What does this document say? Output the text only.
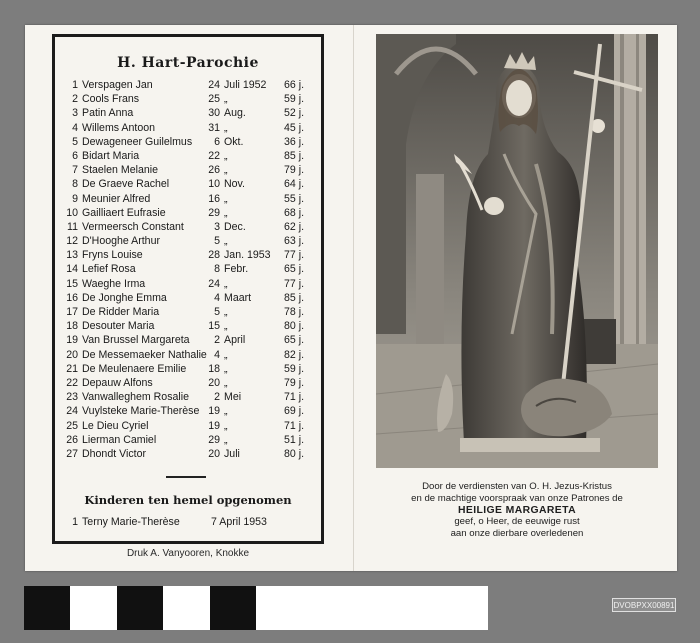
H. Hart-Parochie
1 Verspagen Jan	24 Juli 1952 66 j.
2 Cools Frans	25 „	59 j.
3 Patin Anna	30 Aug.	52 j.
4 Willems Antoon	31 „	45 j.
5 Dewageneer Guilelmus	6 Okt.	36 j.
6 Bidart Maria	22 „	85 j.
7 Staelen Melanie	26 „	79 j.
8 De Graeve Rachel	10 Nov.	64 j.
9 Meunier Alfred	16 „	55 j.
10 Gailliaert Eufrasie	29 „	68 j.
11 Vermeersch Constant	3 Dec.	62 j.
12 D'Hooghe Arthur	5 „	63 j.
13 Fryns Louise	28 Jan. 1953 77 j.
14 Lefief Rosa	8 Febr.	65 j.
15 Waeghe Irma	24 „	77 j.
16 De Jonghe Emma	4 Maart	85 j.
17 De Ridder Maria	5 „	78 j.
18 Desouter Maria	15 „	80 j.
19 Van Brussel Margareta	2 April	65 j.
20 De Messemaeker Nathalie 4 „	82 j.
21 De Meulenaere Emilie 18 „	59 j.
22 Depauw Alfons	20 „	79 j.
23 Vanwalleghem Rosalie	2 Mei	71 j.
24 Vuylsteke Marie-Therèse 19 „	69 j.
25 Le Dieu Cyriel	19 „	71 j.
26 Lierman Camiel	29 „	51 j.
27 Dhondt Victor	20 Juli	80 j.
Kinderen ten hemel opgenomen
1 Terny Marie-Therèse	7 April 1953
Druk A. Vanyooren, Knokke
Door de verdiensten van O. H. Jezus-Kristus
en de machtige voorspraak van onze Patrones de
HEILIGE MARGARETA
geef, o Heer, de eeuwige rust
aan onze dierbare overledenen
DVOBPXX00891
